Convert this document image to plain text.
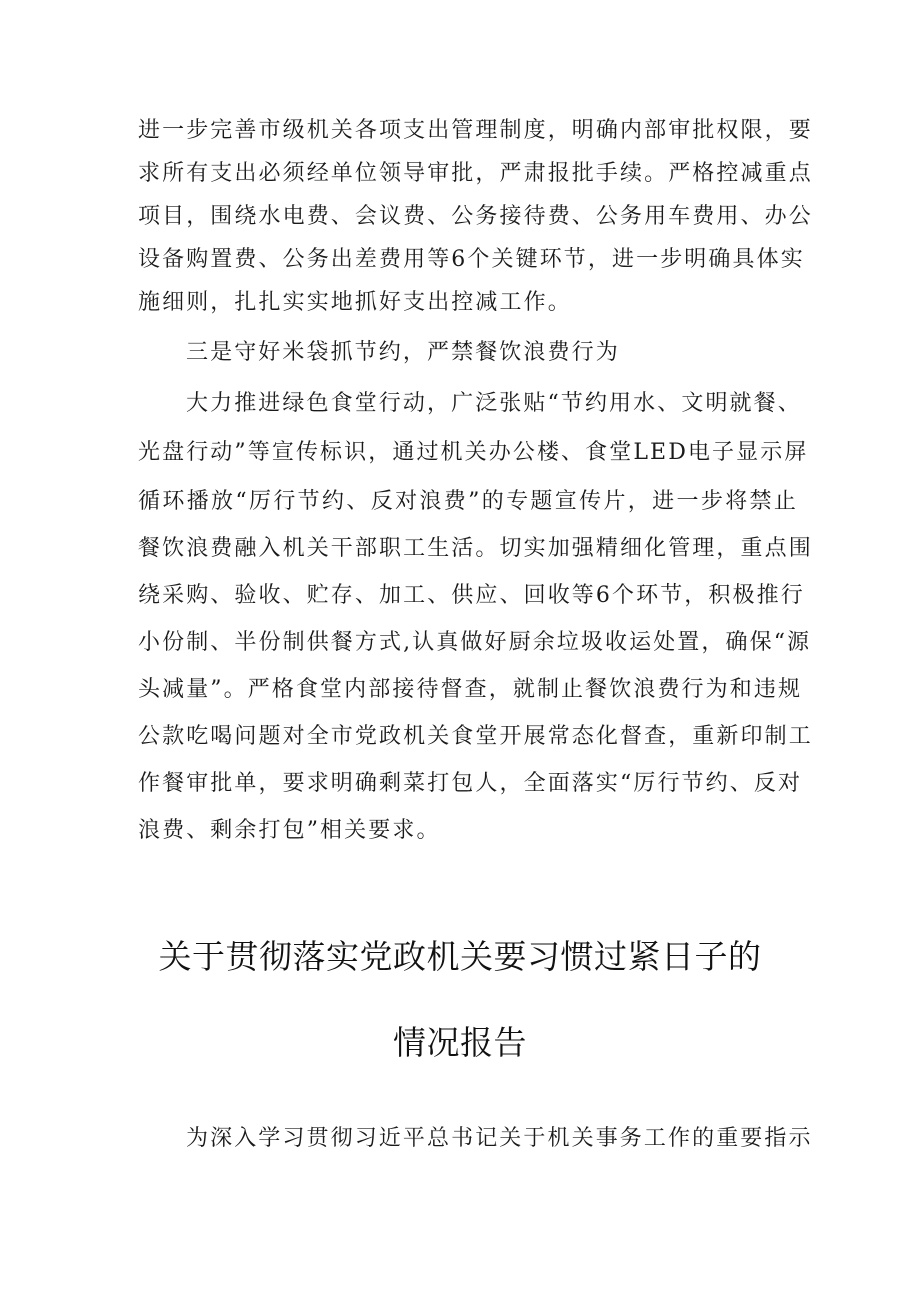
进一步完善市级机关各项支出管理制度，明确内部审批权限，要
求所有支出必须经单位领导审批，严肃报批手续。严格控减重点
项目，围绕水电费、会议费、公务接待费、公务用车费用、办公
设备购置费、公务出差费用等6个关键环节，进一步明确具体实
施细则，扎扎实实地抓好支出控减工作。
三是守好米袋抓节约，严禁餐饮浪费行为
大力推进绿色食堂行动，广泛张贴“节约用水、文明就餐、
光盘行动”等宣传标识，通过机关办公楼、食堂LED电子显示屏
循环播放“厉行节约、反对浪费”的专题宣传片，进一步将禁止
餐饮浪费融入机关干部职工生活。切实加强精细化管理，重点围
绕采购、验收、贮存、加工、供应、回收等6个环节，积极推行
小份制、半份制供餐方式,认真做好厨余垃圾收运处置，确保“源
头减量”。严格食堂内部接待督查，就制止餐饮浪费行为和违规
公款吃喝问题对全市党政机关食堂开展常态化督查，重新印制工
作餐审批单，要求明确剩菜打包人，全面落实“厉行节约、反对
浪费、剩余打包”相关要求。
关于贯彻落实党政机关要习惯过紧日子的
情况报告
为深入学习贯彻习近平总书记关于机关事务工作的重要指示
